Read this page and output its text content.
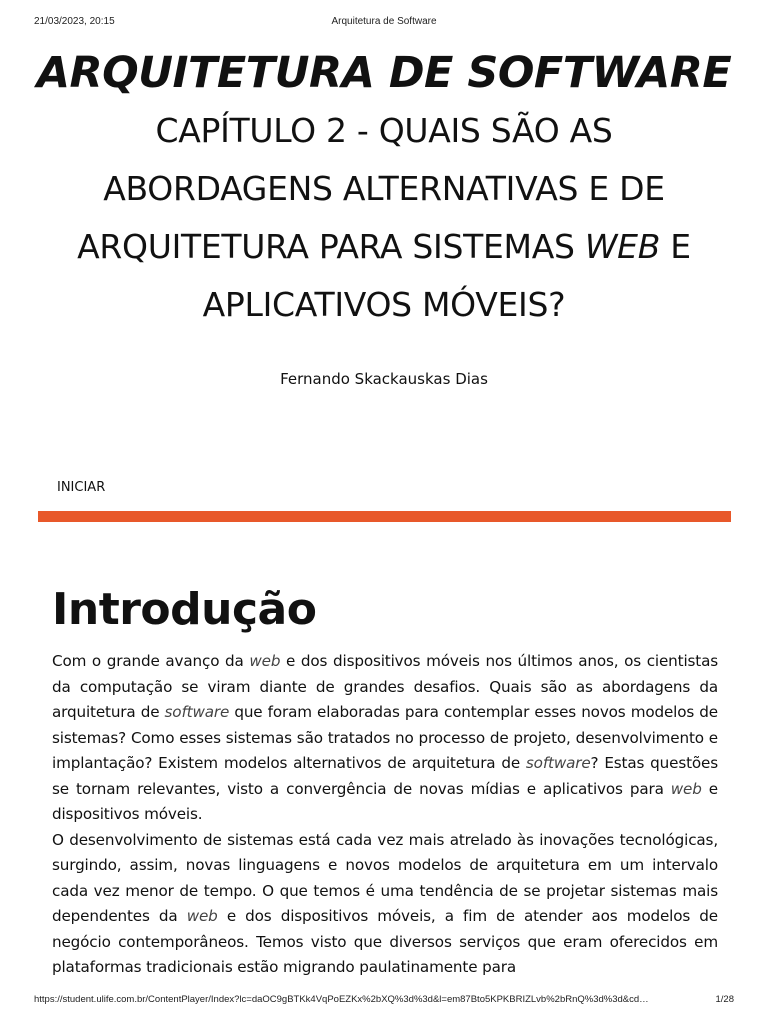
21/03/2023, 20:15	Arquitetura de Software
ARQUITETURA DE SOFTWARE
CAPÍTULO 2 - QUAIS SÃO AS ABORDAGENS ALTERNATIVAS E DE ARQUITETURA PARA SISTEMAS WEB E APLICATIVOS MÓVEIS?
Fernando Skackauskas Dias
INICIAR
Introdução

Com o grande avanço da web e dos dispositivos móveis nos últimos anos, os cientistas da computação se viram diante de grandes desafios. Quais são as abordagens da arquitetura de software que foram elaboradas para contemplar esses novos modelos de sistemas? Como esses sistemas são tratados no processo de projeto, desenvolvimento e implantação? Existem modelos alternativos de arquitetura de software? Estas questões se tornam relevantes, visto a convergência de novas mídias e aplicativos para web e dispositivos móveis.

O desenvolvimento de sistemas está cada vez mais atrelado às inovações tecnológicas, surgindo, assim, novas linguagens e novos modelos de arquitetura em um intervalo cada vez menor de tempo. O que temos é uma tendência de se projetar sistemas mais dependentes da web e dos dispositivos móveis, a fim de atender aos modelos de negócio contemporâneos. Temos visto que diversos serviços que eram oferecidos em plataformas tradicionais estão migrando paulatinamente para

https://student.ulife.com.br/ContentPlayer/Index?lc=daOC9gBTKk4VqPoEZKx%2bXQ%3d%3d&l=em87Bto5KPKBRIZLvb%2bRnQ%3d%3d&cd…	1/28
